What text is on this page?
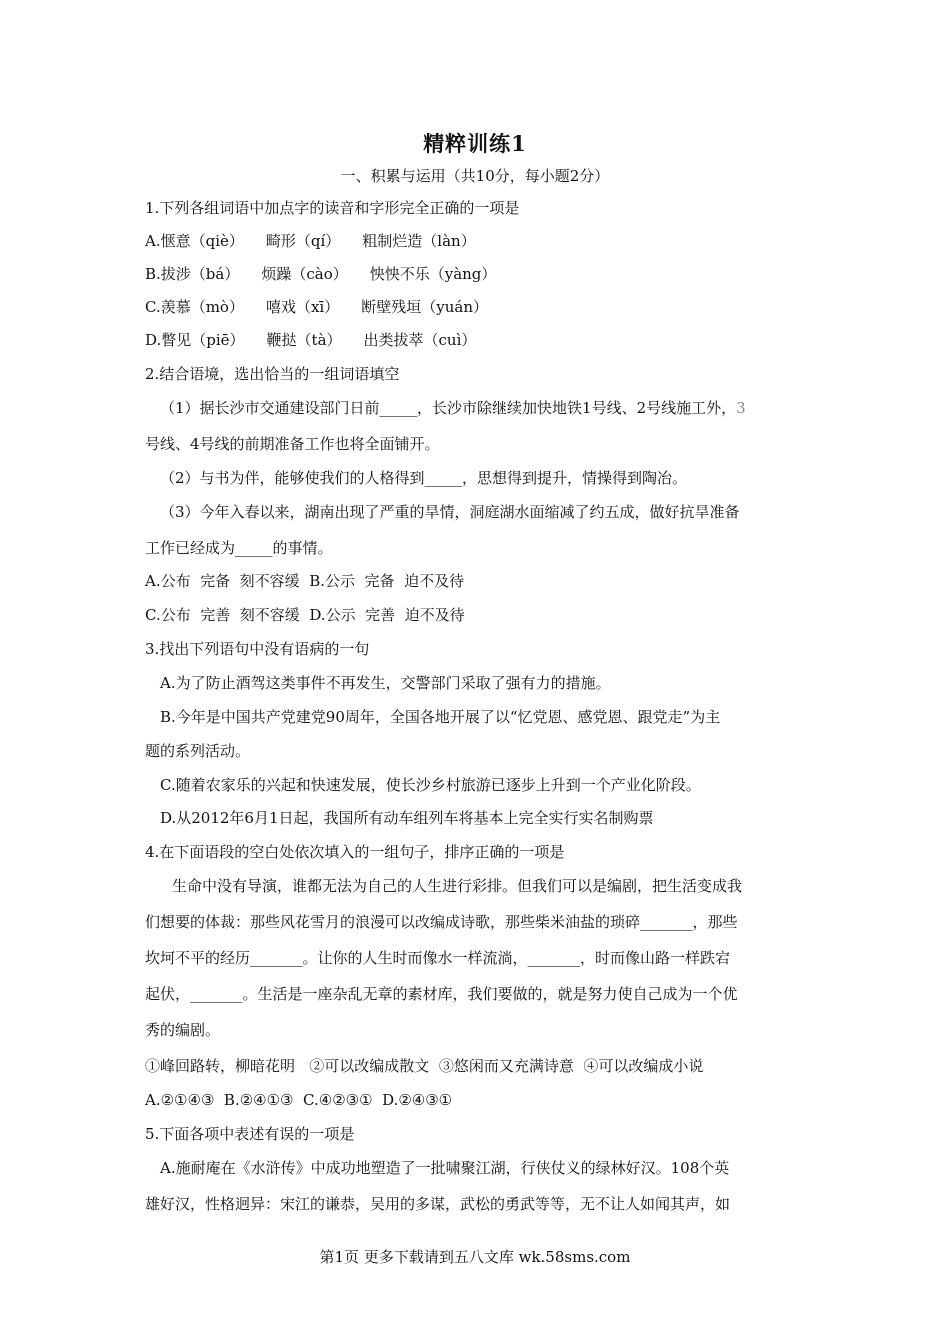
精粹训练1
一、积累与运用（共10分，每小题2分）
1.下列各组词语中加点字的读音和字形完全正确的一项是
A.惬意（qiè） 畸形（qí） 粗制烂造（làn）
B.拔涉（bá） 烦躁（cào） 怏怏不乐（yàng）
C.羡慕（mò） 嘻戏（xī） 断壁残垣（yuán）
D.瞥见（piē） 鞭挞（tà） 出类拔萃（cuì）
2.结合语境，选出恰当的一组词语填空
（1）据长沙市交通建设部门日前_____，长沙市除继续加快地铁1号线、2号线施工外，3
号线、4号线的前期准备工作也将全面铺开。
（2）与书为伴，能够使我们的人格得到_____，思想得到提升，情操得到陶冶。
（3）今年入春以来，湖南出现了严重的旱情，洞庭湖水面缩减了约五成，做好抗旱准备
工作已经成为_____的事情。
A.公布  完备  刻不容缓  B.公示  完备  迫不及待
C.公布  完善  刻不容缓  D.公示  完善  迫不及待
3.找出下列语句中没有语病的一句
A.为了防止酒驾这类事件不再发生，交警部门采取了强有力的措施。
B.今年是中国共产党建党90周年，全国各地开展了以“忆党恩、感党恩、跟党走”为主
题的系列活动。
C.随着农家乐的兴起和快速发展，使长沙乡村旅游已逐步上升到一个产业化阶段。
D.从2012年6月1日起，我国所有动车组列车将基本上完全实行实名制购票
4.在下面语段的空白处依次填入的一组句子，排序正确的一项是
生命中没有导演，谁都无法为自己的人生进行彩排。但我们可以是编剧，把生活变成我
们想要的体裁：那些风花雪月的浪漫可以改编成诗歌，那些柴米油盐的琐碎_______，那些
坎坷不平的经历_______。让你的人生时而像水一样流淌，_______，时而像山路一样跌宕
起伏，_______。生活是一座杂乱无章的素材库，我们要做的，就是努力使自己成为一个优
秀的编剧。
①峰回路转，柳暗花明   ②可以改编成散文  ③悠闲而又充满诗意  ④可以改编成小说
A.②①④③  B.②④①③  C.④②③①  D.②④③①
5.下面各项中表述有误的一项是
A.施耐庵在《水浒传》中成功地塑造了一批啸聚江湖，行侠仗义的绿林好汉。108个英
雄好汉，性格迥异：宋江的谦恭，吴用的多谋，武松的勇武等等，无不让人如闻其声，如
第1页 更多下载请到五八文库 wk.58sms.com
